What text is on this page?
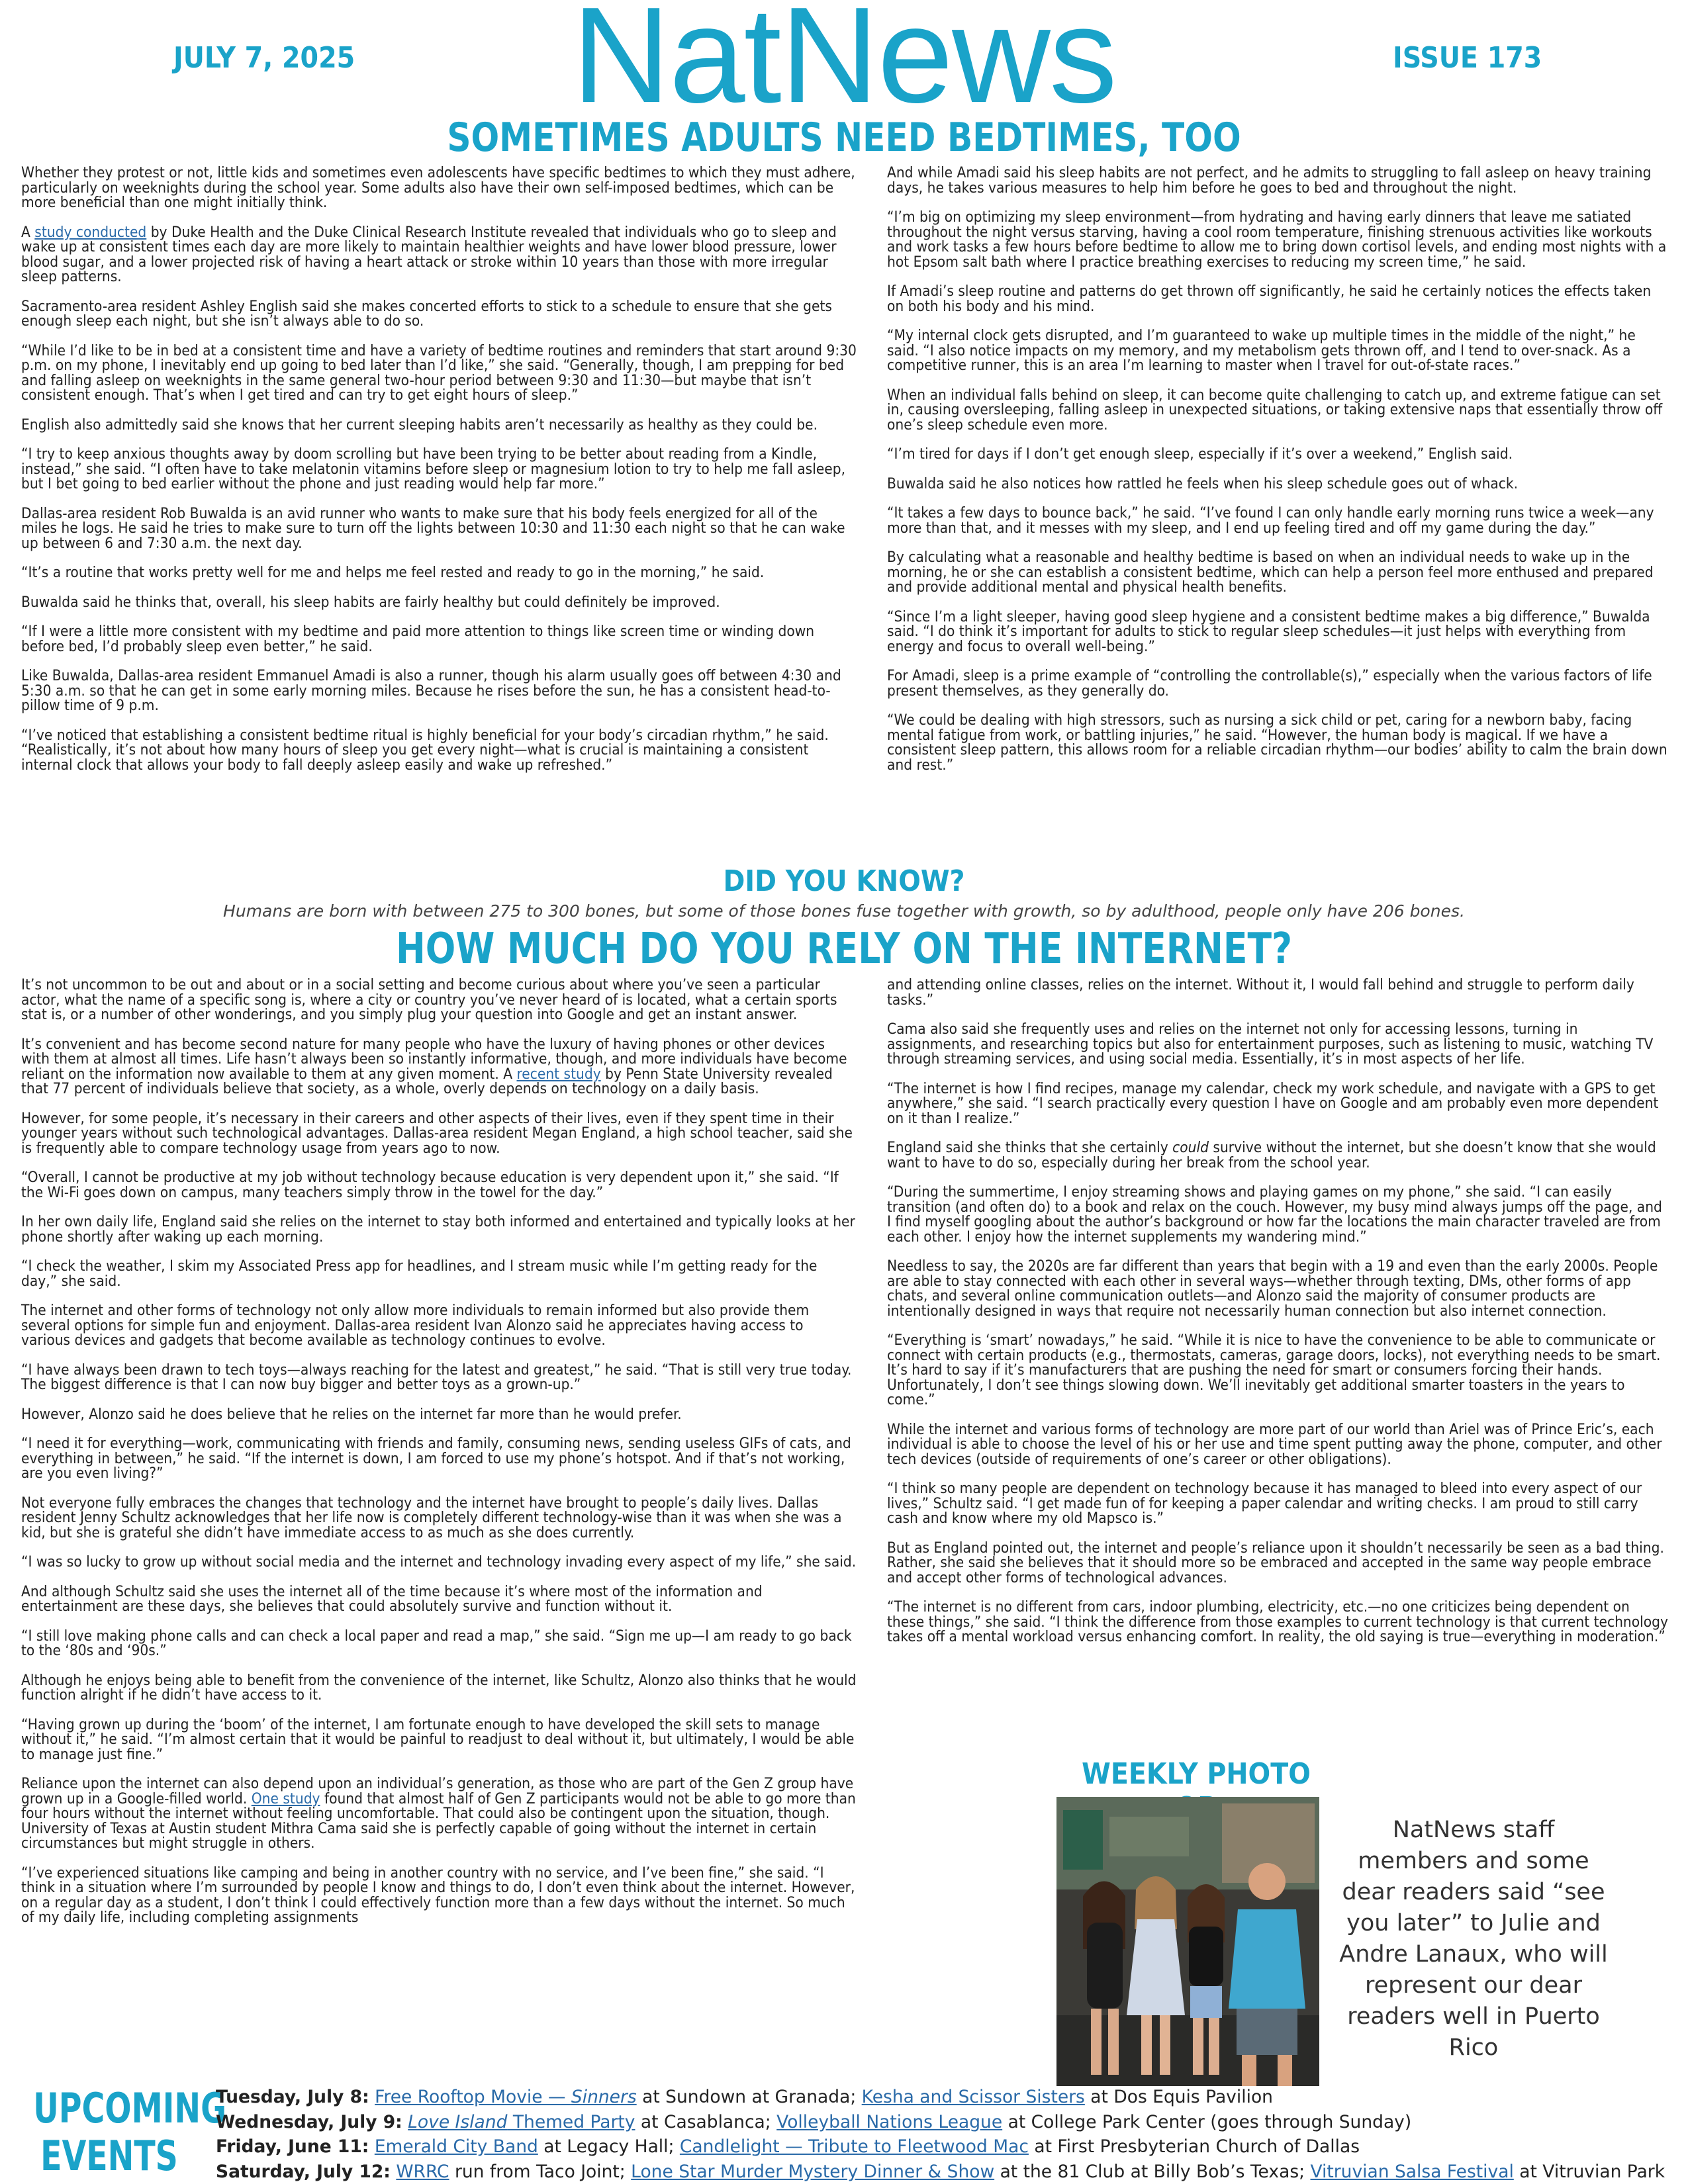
JULY 7, 2025	NatNews	ISSUE 173
SOMETIMES ADULTS NEED BEDTIMES, TOO

Whether they protest or not, little kids and sometimes even adolescents have specific bedtimes to which they must adhere, particularly on weeknights during the school year. Some adults also have their own self-imposed bedtimes, which can be more beneficial than one might initially think.

A study conducted by Duke Health and the Duke Clinical Research Institute revealed that individuals who go to sleep and wake up at consistent times each day are more likely to maintain healthier weights and have lower blood pressure, lower blood sugar, and a lower projected risk of having a heart attack or stroke within 10 years than those with more irregular sleep patterns.

Sacramento-area resident Ashley English said she makes concerted efforts to stick to a schedule to ensure that she gets enough sleep each night, but she isn’t always able to do so.

“While I’d like to be in bed at a consistent time and have a variety of bedtime routines and reminders that start around 9:30 p.m. on my phone, I inevitably end up going to bed later than I’d like,” she said. “Generally, though, I am prepping for bed and falling asleep on weeknights in the same general two-hour period between 9:30 and 11:30—but maybe that isn’t consistent enough. That’s when I get tired and can try to get eight hours of sleep.”

English also admittedly said she knows that her current sleeping habits aren’t necessarily as healthy as they could be.

“I try to keep anxious thoughts away by doom scrolling but have been trying to be better about reading from a Kindle, instead,” she said. “I often have to take melatonin vitamins before sleep or magnesium lotion to try to help me fall asleep, but I bet going to bed earlier without the phone and just reading would help far more.”

Dallas-area resident Rob Buwalda is an avid runner who wants to make sure that his body feels energized for all of the miles he logs. He said he tries to make sure to turn off the lights between 10:30 and 11:30 each night so that he can wake up between 6 and 7:30 a.m. the next day.

“It’s a routine that works pretty well for me and helps me feel rested and ready to go in the morning,” he said.

Buwalda said he thinks that, overall, his sleep habits are fairly healthy but could definitely be improved.

“If I were a little more consistent with my bedtime and paid more attention to things like screen time or winding down before bed, I’d probably sleep even better,” he said.

Like Buwalda, Dallas-area resident Emmanuel Amadi is also a runner, though his alarm usually goes off between 4:30 and 5:30 a.m. so that he can get in some early morning miles. Because he rises before the sun, he has a consistent head-to-pillow time of 9 p.m.

“I’ve noticed that establishing a consistent bedtime ritual is highly beneficial for your body’s circadian rhythm,” he said. “Realistically, it’s not about how many hours of sleep you get every night—what is crucial is maintaining a consistent internal clock that allows your body to fall deeply asleep easily and wake up refreshed.”

And while Amadi said his sleep habits are not perfect, and he admits to struggling to fall asleep on heavy training days, he takes various measures to help him before he goes to bed and throughout the night.

“I’m big on optimizing my sleep environment—from hydrating and having early dinners that leave me satiated throughout the night versus starving, having a cool room temperature, finishing strenuous activities like workouts and work tasks a few hours before bedtime to allow me to bring down cortisol levels, and ending most nights with a hot Epsom salt bath where I practice breathing exercises to reducing my screen time,” he said.

If Amadi’s sleep routine and patterns do get thrown off significantly, he said he certainly notices the effects taken on both his body and his mind.

“My internal clock gets disrupted, and I’m guaranteed to wake up multiple times in the middle of the night,” he said. “I also notice impacts on my memory, and my metabolism gets thrown off, and I tend to over-snack. As a competitive runner, this is an area I’m learning to master when I travel for out-of-state races.”

When an individual falls behind on sleep, it can become quite challenging to catch up, and extreme fatigue can set in, causing oversleeping, falling asleep in unexpected situations, or taking extensive naps that essentially throw off one’s sleep schedule even more.

“I’m tired for days if I don’t get enough sleep, especially if it’s over a weekend,” English said.

Buwalda said he also notices how rattled he feels when his sleep schedule goes out of whack.

“It takes a few days to bounce back,” he said. “I’ve found I can only handle early morning runs twice a week—any more than that, and it messes with my sleep, and I end up feeling tired and off my game during the day.”

By calculating what a reasonable and healthy bedtime is based on when an individual needs to wake up in the morning, he or she can establish a consistent bedtime, which can help a person feel more enthused and prepared and provide additional mental and physical health benefits.

“Since I’m a light sleeper, having good sleep hygiene and a consistent bedtime makes a big difference,” Buwalda said. “I do think it’s important for adults to stick to regular sleep schedules—it just helps with everything from energy and focus to overall well-being.”

For Amadi, sleep is a prime example of “controlling the controllable(s),” especially when the various factors of life present themselves, as they generally do.

“We could be dealing with high stressors, such as nursing a sick child or pet, caring for a newborn baby, facing mental fatigue from work, or battling injuries,” he said. “However, the human body is magical. If we have a consistent sleep pattern, this allows room for a reliable circadian rhythm—our bodies’ ability to calm the brain down and rest.”

DID YOU KNOW?
Humans are born with between 275 to 300 bones, but some of those bones fuse together with growth, so by adulthood, people only have 206 bones.
HOW MUCH DO YOU RELY ON THE INTERNET?

It’s not uncommon to be out and about or in a social setting and become curious about where you’ve seen a particular actor, what the name of a specific song is, where a city or country you’ve never heard of is located, what a certain sports stat is, or a number of other wonderings, and you simply plug your question into Google and get an instant answer.

It’s convenient and has become second nature for many people who have the luxury of having phones or other devices with them at almost all times. Life hasn’t always been so instantly informative, though, and more individuals have become reliant on the information now available to them at any given moment. A recent study by Penn State University revealed that 77 percent of individuals believe that society, as a whole, overly depends on technology on a daily basis.

However, for some people, it’s necessary in their careers and other aspects of their lives, even if they spent time in their younger years without such technological advantages. Dallas-area resident Megan England, a high school teacher, said she is frequently able to compare technology usage from years ago to now.

“Overall, I cannot be productive at my job without technology because education is very dependent upon it,” she said. “If the Wi-Fi goes down on campus, many teachers simply throw in the towel for the day.”

In her own daily life, England said she relies on the internet to stay both informed and entertained and typically looks at her phone shortly after waking up each morning.

“I check the weather, I skim my Associated Press app for headlines, and I stream music while I’m getting ready for the day,” she said.

The internet and other forms of technology not only allow more individuals to remain informed but also provide them several options for simple fun and enjoyment. Dallas-area resident Ivan Alonzo said he appreciates having access to various devices and gadgets that become available as technology continues to evolve.

“I have always been drawn to tech toys—always reaching for the latest and greatest,” he said. “That is still very true today. The biggest difference is that I can now buy bigger and better toys as a grown-up.”

However, Alonzo said he does believe that he relies on the internet far more than he would prefer.

“I need it for everything—work, communicating with friends and family, consuming news, sending useless GIFs of cats, and everything in between,” he said. “If the internet is down, I am forced to use my phone’s hotspot. And if that’s not working, are you even living?”

Not everyone fully embraces the changes that technology and the internet have brought to people’s daily lives. Dallas resident Jenny Schultz acknowledges that her life now is completely different technology-wise than it was when she was a kid, but she is grateful she didn’t have immediate access to as much as she does currently.

“I was so lucky to grow up without social media and the internet and technology invading every aspect of my life,” she said.

And although Schultz said she uses the internet all of the time because it’s where most of the information and entertainment are these days, she believes that could absolutely survive and function without it.

“I still love making phone calls and can check a local paper and read a map,” she said. “Sign me up—I am ready to go back to the ‘80s and ‘90s.”

Although he enjoys being able to benefit from the convenience of the internet, like Schultz, Alonzo also thinks that he would function alright if he didn’t have access to it.

“Having grown up during the ‘boom’ of the internet, I am fortunate enough to have developed the skill sets to manage without it,” he said. “I’m almost certain that it would be painful to readjust to deal without it, but ultimately, I would be able to manage just fine.”

Reliance upon the internet can also depend upon an individual’s generation, as those who are part of the Gen Z group have grown up in a Google-filled world. One study found that almost half of Gen Z participants would not be able to go more than four hours without the internet without feeling uncomfortable. That could also be contingent upon the situation, though. University of Texas at Austin student Mithra Cama said she is perfectly capable of going without the internet in certain circumstances but might struggle in others.

“I’ve experienced situations like camping and being in another country with no service, and I’ve been fine,” she said. “I think in a situation where I’m surrounded by people I know and things to do, I don’t even think about the internet. However, on a regular day as a student, I don’t think I could effectively function more than a few days without the internet. So much of my daily life, including completing assignments

and attending online classes, relies on the internet. Without it, I would fall behind and struggle to perform daily tasks.”

Cama also said she frequently uses and relies on the internet not only for accessing lessons, turning in assignments, and researching topics but also for entertainment purposes, such as listening to music, watching TV through streaming services, and using social media. Essentially, it’s in most aspects of her life.

“The internet is how I find recipes, manage my calendar, check my work schedule, and navigate with a GPS to get anywhere,” she said. “I search practically every question I have on Google and am probably even more dependent on it than I realize.”

England said she thinks that she certainly could survive without the internet, but she doesn’t know that she would want to have to do so, especially during her break from the school year.

“During the summertime, I enjoy streaming shows and playing games on my phone,” she said. “I can easily transition (and often do) to a book and relax on the couch. However, my busy mind always jumps off the page, and I find myself googling about the author’s background or how far the locations the main character traveled are from each other. I enjoy how the internet supplements my wandering mind.”

Needless to say, the 2020s are far different than years that begin with a 19 and even than the early 2000s. People are able to stay connected with each other in several ways—whether through texting, DMs, other forms of app chats, and several online communication outlets—and Alonzo said the majority of consumer products are intentionally designed in ways that require not necessarily human connection but also internet connection.

“Everything is ‘smart’ nowadays,” he said. “While it is nice to have the convenience to be able to communicate or connect with certain products (e.g., thermostats, cameras, garage doors, locks), not everything needs to be smart. It’s hard to say if it’s manufacturers that are pushing the need for smart or consumers forcing their hands. Unfortunately, I don’t see things slowing down. We’ll inevitably get additional smarter toasters in the years to come.”

While the internet and various forms of technology are more part of our world than Ariel was of Prince Eric’s, each individual is able to choose the level of his or her use and time spent putting away the phone, computer, and other tech devices (outside of requirements of one’s career or other obligations).

“I think so many people are dependent on technology because it has managed to bleed into every aspect of our lives,” Schultz said. “I get made fun of for keeping a paper calendar and writing checks. I am proud to still carry cash and know where my old Mapsco is.”

But as England pointed out, the internet and people’s reliance upon it shouldn’t necessarily be seen as a bad thing. Rather, she said she believes that it should more so be embraced and accepted in the same way people embrace and accept other forms of technological advances.

“The internet is no different from cars, indoor plumbing, electricity, etc.—no one criticizes being dependent on these things,” she said. “I think the difference from those examples to current technology is that current technology takes off a mental workload versus enhancing comfort. In reality, the old saying is true—everything in moderation.”

WEEKLY PHOTO
NatNews staff members and some dear readers said “see you later” to Julie and Andre Lanaux, who will represent our dear readers well in Puerto Rico
UPCOMING EVENTS
Tuesday, July 8: Free Rooftop Movie — Sinners at Sundown at Granada; Kesha and Scissor Sisters at Dos Equis Pavilion
Wednesday, July 9: Love Island Themed Party at Casablanca; Volleyball Nations League at College Park Center (goes through Sunday)
Friday, June 11: Emerald City Band at Legacy Hall; Candlelight — Tribute to Fleetwood Mac at First Presbyterian Church of Dallas
Saturday, July 12: WRRC run from Taco Joint; Lone Star Murder Mystery Dinner & Show at the 81 Club at Billy Bob’s Texas; Vitruvian Salsa Festival at Vitruvian Park
